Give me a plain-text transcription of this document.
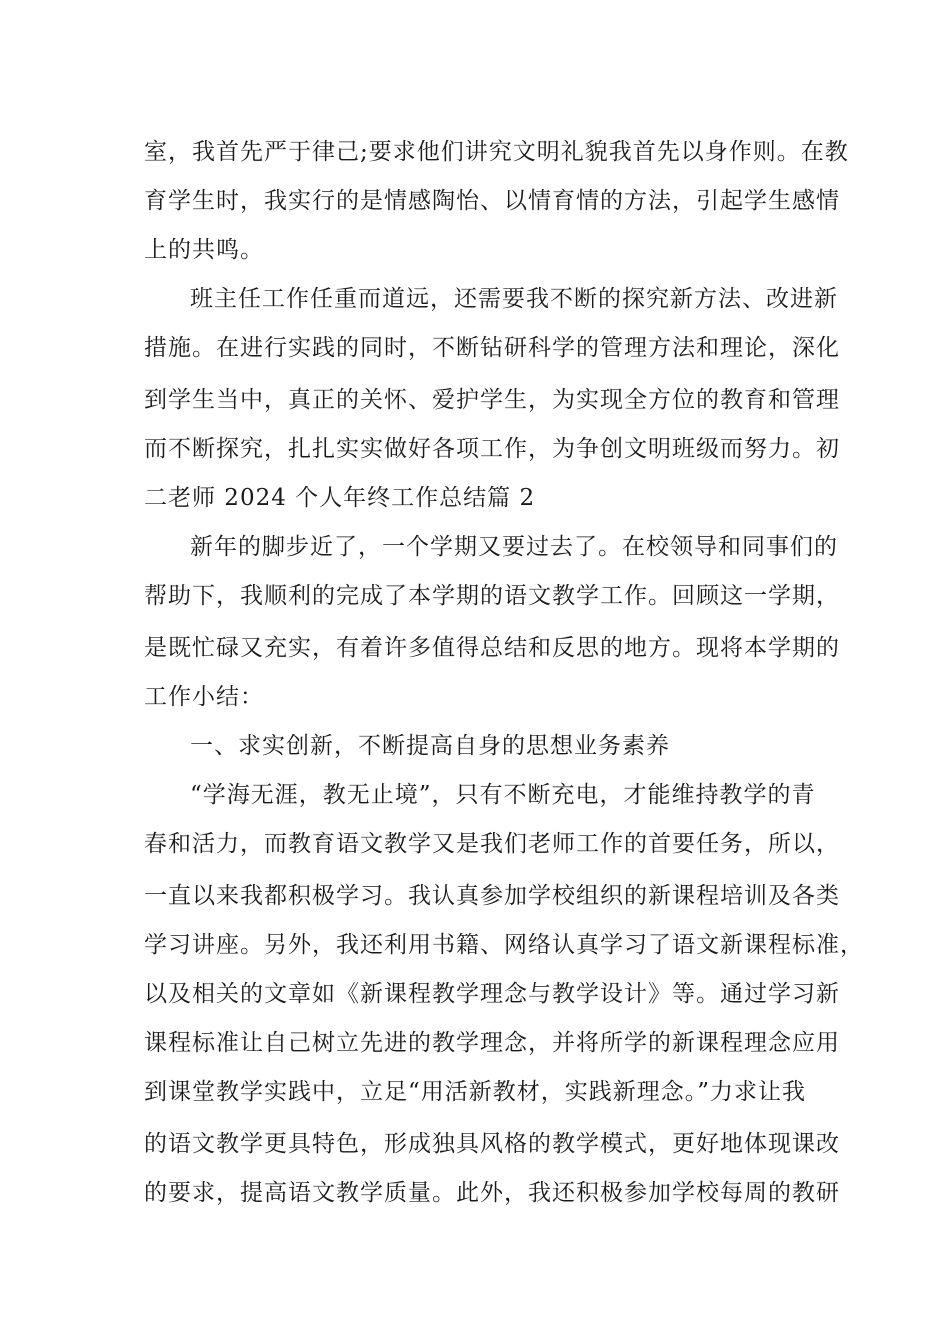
室，我首先严于律己;要求他们讲究文明礼貌我首先以身作则。在教
育学生时，我实行的是情感陶怡、以情育情的方法，引起学生感情
上的共鸣。
班主任工作任重而道远，还需要我不断的探究新方法、改进新
措施。在进行实践的同时，不断钻研科学的管理方法和理论，深化
到学生当中，真正的关怀、爱护学生，为实现全方位的教育和管理
而不断探究，扎扎实实做好各项工作，为争创文明班级而努力。初
二老师 2024 个人年终工作总结篇 2
新年的脚步近了，一个学期又要过去了。在校领导和同事们的
帮助下，我顺利的完成了本学期的语文教学工作。回顾这一学期，
是既忙碌又充实，有着许多值得总结和反思的地方。现将本学期的
工作小结：
一、求实创新，不断提高自身的思想业务素养
“学海无涯，教无止境”，只有不断充电，才能维持教学的青
春和活力，而教育语文教学又是我们老师工作的首要任务，所以，
一直以来我都积极学习。我认真参加学校组织的新课程培训及各类
学习讲座。另外，我还利用书籍、网络认真学习了语文新课程标准，
以及相关的文章如《新课程教学理念与教学设计》等。通过学习新
课程标准让自己树立先进的教学理念，并将所学的新课程理念应用
到课堂教学实践中，立足“用活新教材，实践新理念。”力求让我
的语文教学更具特色，形成独具风格的教学模式，更好地体现课改
的要求，提高语文教学质量。此外，我还积极参加学校每周的教研
